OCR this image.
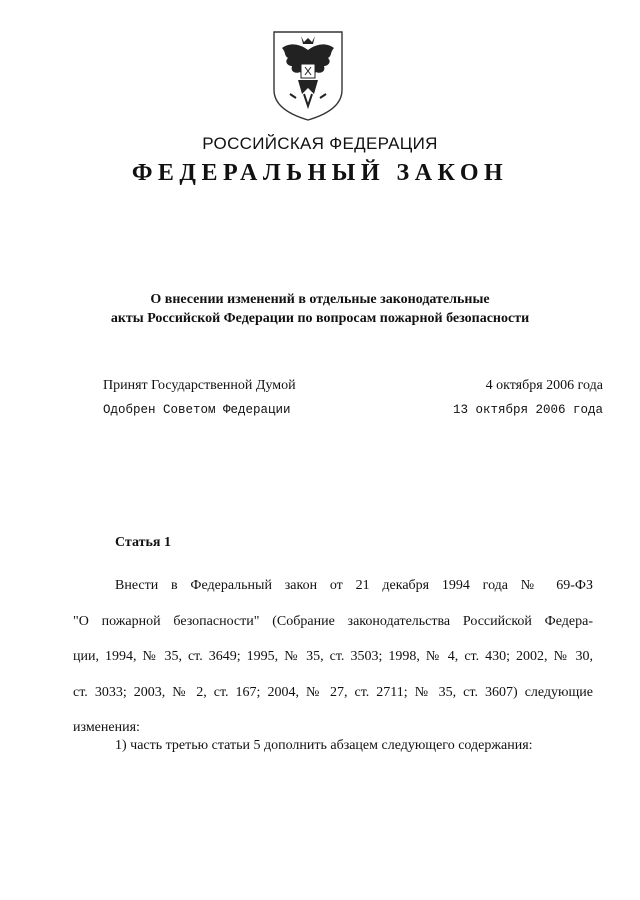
РОССИЙСКАЯ ФЕДЕРАЦИЯ
ФЕДЕРАЛЬНЫЙ ЗАКОН
О внесении изменений в отдельные законодательные
акты Российской Федерации по вопросам пожарной безопасности
Принят Государственной Думой	4 октября 2006 года
Одобрен Советом Федерации	13 октября 2006 года
Статья 1
Внести в Федеральный закон от 21 декабря 1994 года № 69-ФЗ
"О пожарной безопасности" (Собрание законодательства Российской Федера-
ции, 1994, № 35, ст. 3649; 1995, № 35, ст. 3503; 1998, № 4, ст. 430; 2002, № 30,
ст. 3033; 2003, № 2, ст. 167; 2004, № 27, ст. 2711; № 35, ст. 3607) следующие
изменения:
1) часть третью статьи 5 дополнить абзацем следующего содержания:
